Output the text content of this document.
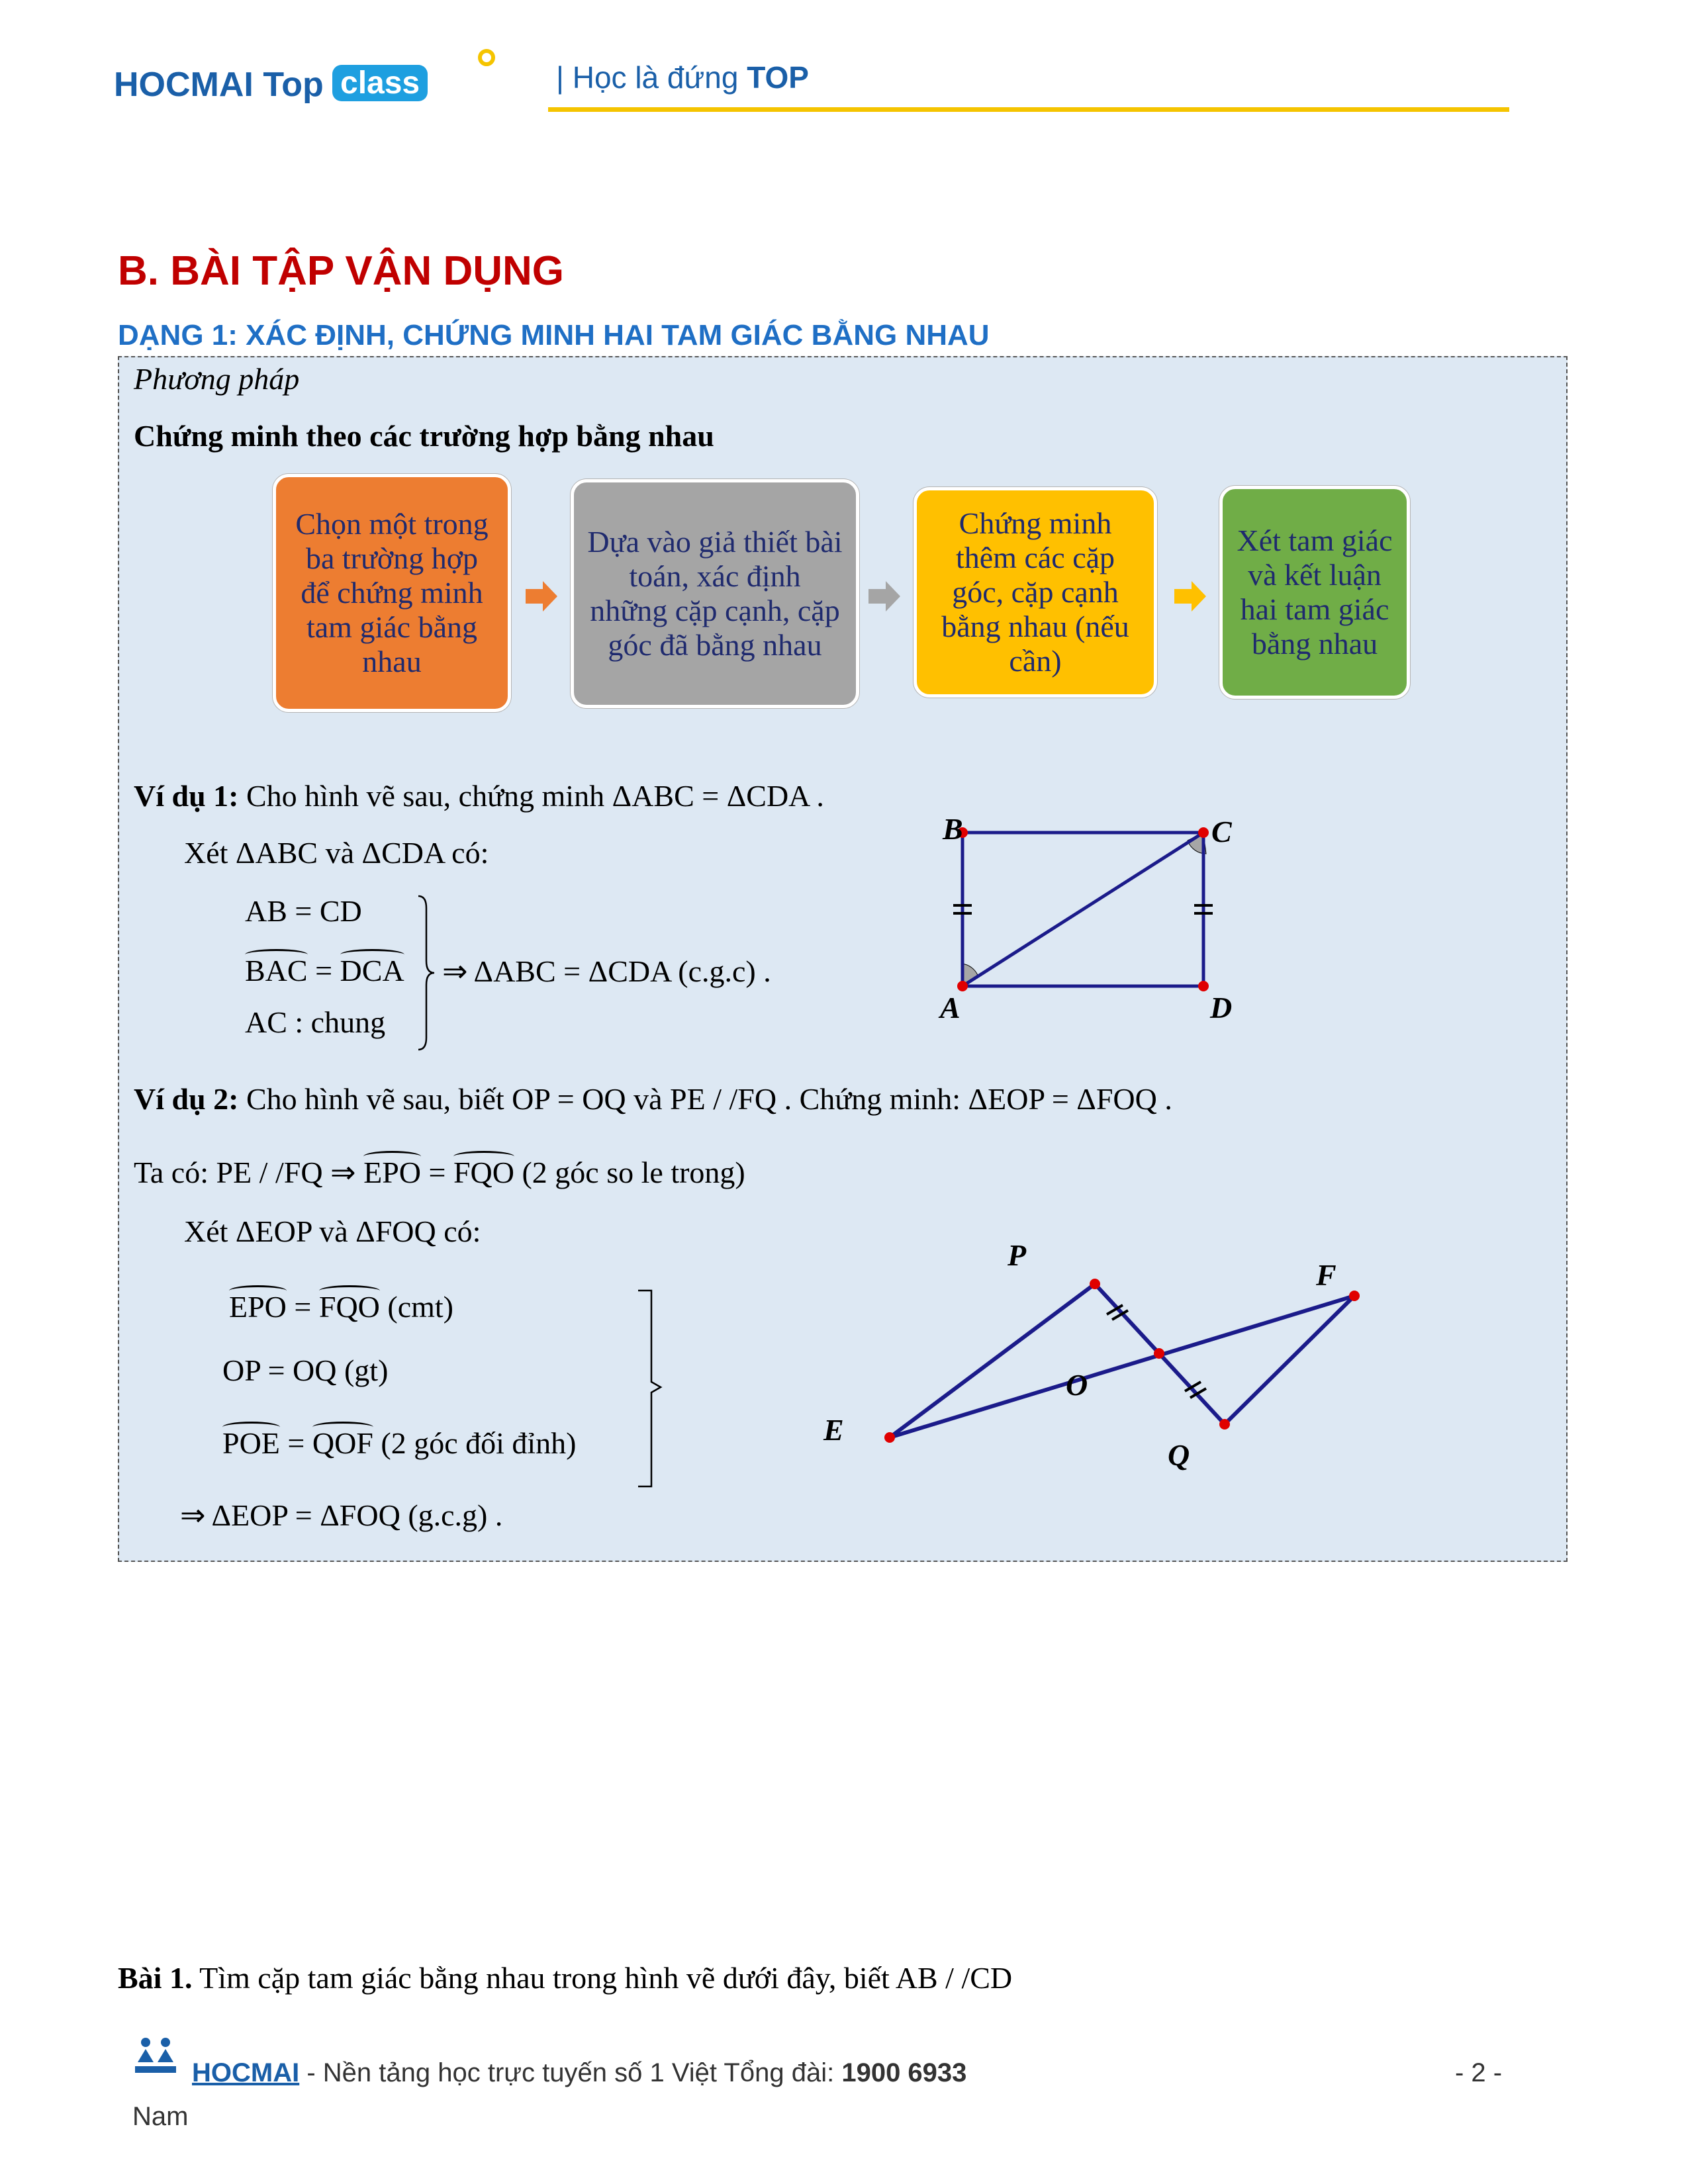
HOCMAI Top class	| Học là đứng TOP
B. BÀI TẬP VẬN DỤNG
DẠNG 1: XÁC ĐỊNH, CHỨNG MINH HAI TAM GIÁC BẰNG NHAU
Phương pháp
Chứng minh theo các trường hợp bằng nhau
Chọn một trong ba trường hợp để chứng minh tam giác bằng nhau
Dựa vào giả thiết bài toán, xác định những cặp cạnh, cặp góc đã bằng nhau
Chứng minh thêm các cặp góc, cặp cạnh bằng nhau (nếu cần)
Xét tam giác và kết luận hai tam giác bằng nhau
Ví dụ 1: Cho hình vẽ sau, chứng minh ΔABC = ΔCDA .
Xét ΔABC và ΔCDA có:
AB = CD
BAC = DCA
AC : chung
⇒ ΔABC = ΔCDA (c.g.c) .
B	C
A	D
Ví dụ 2: Cho hình vẽ sau, biết OP = OQ và PE / /FQ . Chứng minh: ΔEOP = ΔFOQ .
Ta có: PE / /FQ ⇒ EPO = FQO (2 góc so le trong)
Xét ΔEOP và ΔFOQ có:
EPO = FQO (cmt)
OP = OQ (gt)
POE = QOF (2 góc đối đỉnh)
⇒ ΔEOP = ΔFOQ (g.c.g) .
P
F
O
E
Q
Bài 1. Tìm cặp tam giác bằng nhau trong hình vẽ dưới đây, biết AB / /CD
HOCMAI - Nền tảng học trực tuyến số 1 Việt Tổng đài: 1900 6933	- 2 -
Nam
